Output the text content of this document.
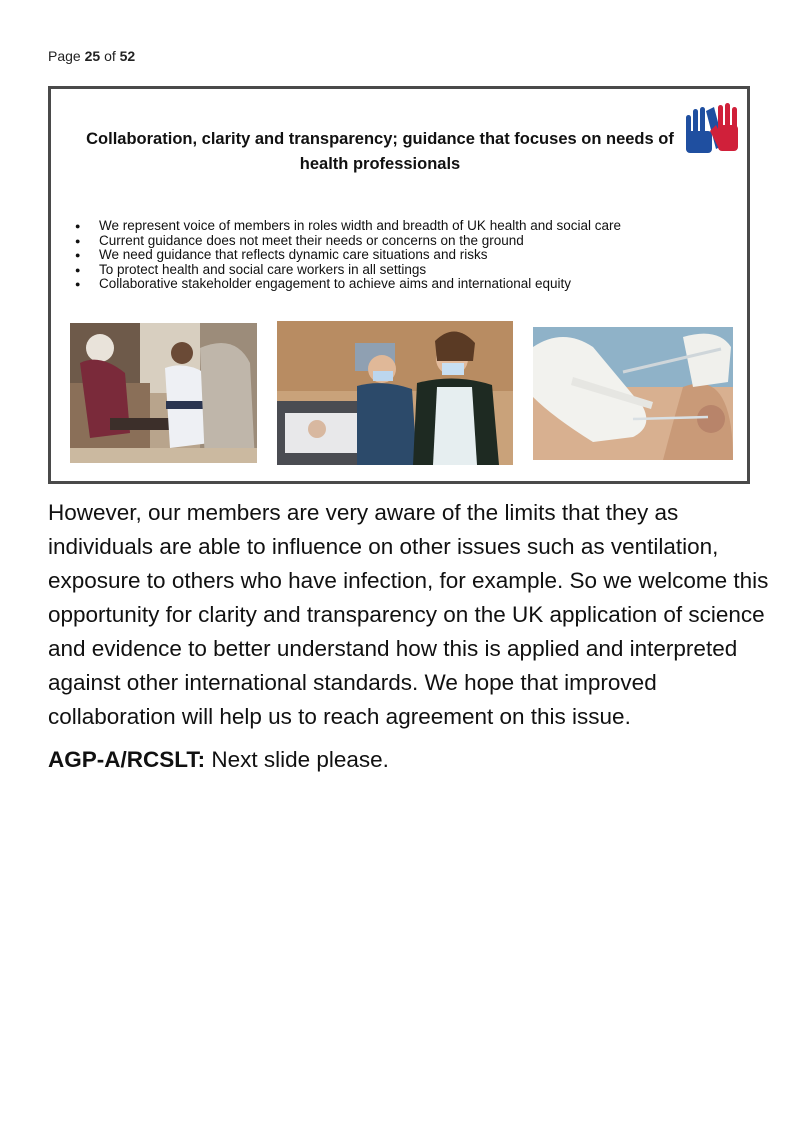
Page 25 of 52
Collaboration, clarity and transparency; guidance that focuses on needs of health professionals
● We represent voice of members in roles width and breadth of UK health and social care
● Current guidance does not meet their needs or concerns on the ground
● We need guidance that reflects dynamic care situations and risks
● To protect health and social care workers in all settings
● Collaborative stakeholder engagement to achieve aims and international equity

However, our members are very aware of the limits that they as individuals are able to influence on other issues such as ventilation, exposure to others who have infection, for example. So we welcome this opportunity for clarity and transparency on the UK application of science and evidence to better understand how this is applied and interpreted against other international standards. We hope that improved collaboration will help us to reach agreement on this issue.

AGP-A/RCSLT: Next slide please.
